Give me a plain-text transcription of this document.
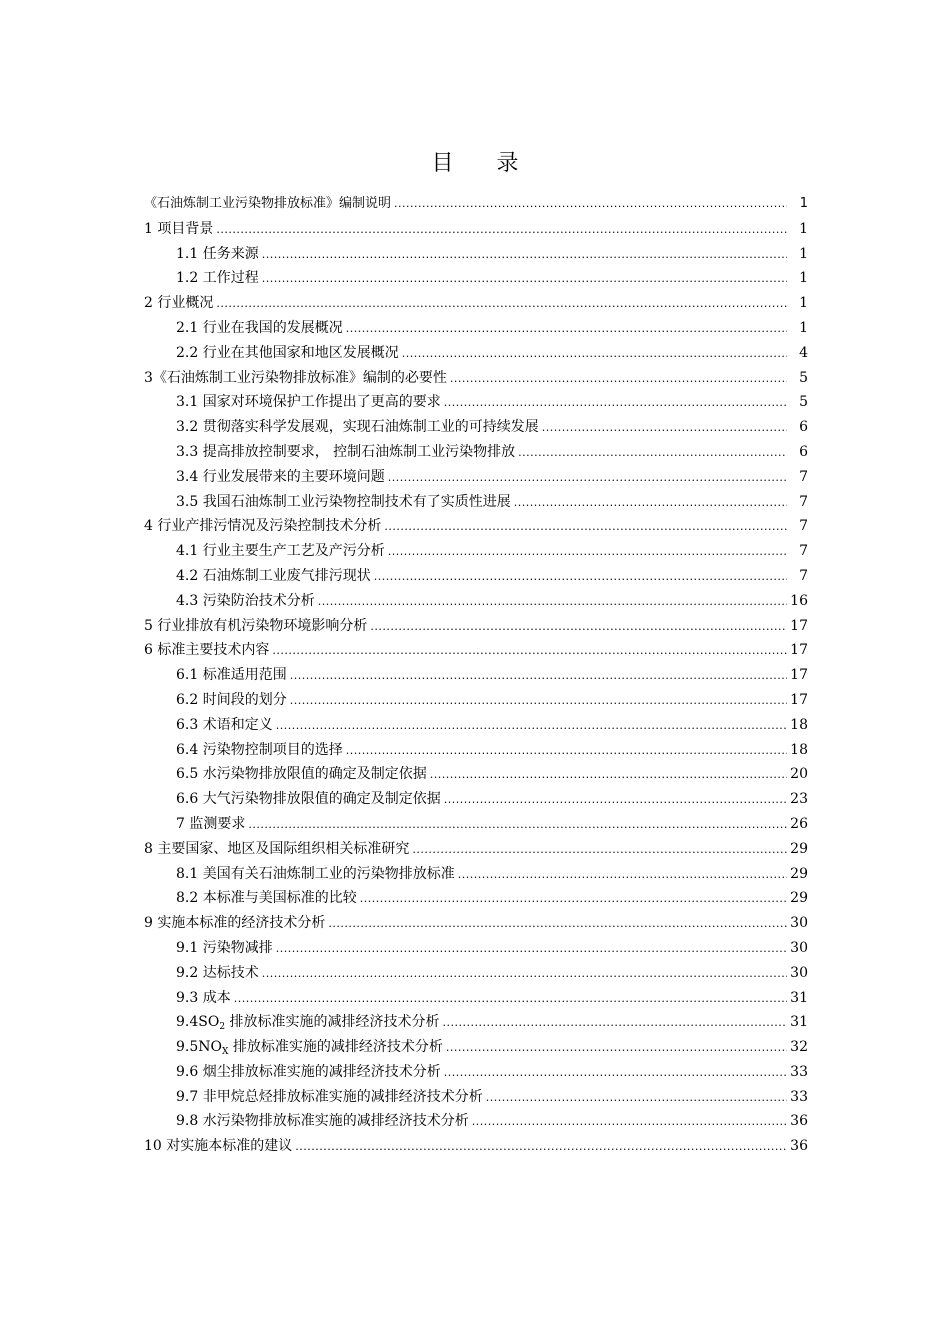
目 录
《石油炼制工业污染物排放标准》编制说明 .....	1
1 项目背景 .....	1
1.1 任务来源 .....	1
1.2 工作过程 .....	1
2 行业概况 .....	1
2.1 行业在我国的发展概况 .....	1
2.2 行业在其他国家和地区发展概况 .....	4
3《石油炼制工业污染物排放标准》编制的必要性 .....	5
3.1 国家对环境保护工作提出了更高的要求 .....	5
3.2 贯彻落实科学发展观，实现石油炼制工业的可持续发展 .....	6
3.3 提高排放控制要求， 控制石油炼制工业污染物排放 .....	6
3.4 行业发展带来的主要环境问题 .....	7
3.5 我国石油炼制工业污染物控制技术有了实质性进展 .....	7
4 行业产排污情况及污染控制技术分析 .....	7
4.1 行业主要生产工艺及产污分析 .....	7
4.2 石油炼制工业废气排污现状 .....	7
4.3 污染防治技术分析 .....	16
5 行业排放有机污染物环境影响分析 .....	17
6 标准主要技术内容 .....	17
6.1 标准适用范围 .....	17
6.2 时间段的划分 .....	17
6.3 术语和定义 .....	18
6.4 污染物控制项目的选择 .....	18
6.5 水污染物排放限值的确定及制定依据 .....	20
6.6 大气污染物排放限值的确定及制定依据 .....	23
7 监测要求 .....	26
8 主要国家、地区及国际组织相关标准研究 .....	29
8.1 美国有关石油炼制工业的污染物排放标准 .....	29
8.2 本标准与美国标准的比较 .....	29
9 实施本标准的经济技术分析 .....	30
9.1 污染物减排 .....	30
9.2 达标技术 .....	30
9.3 成本 .....	31
$9.4SO_2$ 排放标准实施的减排经济技术分析 .....	31
$9.5NO_X$ 排放标准实施的减排经济技术分析 .....	32
9.6 烟尘排放标准实施的减排经济技术分析 .....	33
9.7 非甲烷总烃排放标准实施的减排经济技术分析 .....	33
9.8 水污染物排放标准实施的减排经济技术分析 .....	36
10 对实施本标准的建议 .....	36
